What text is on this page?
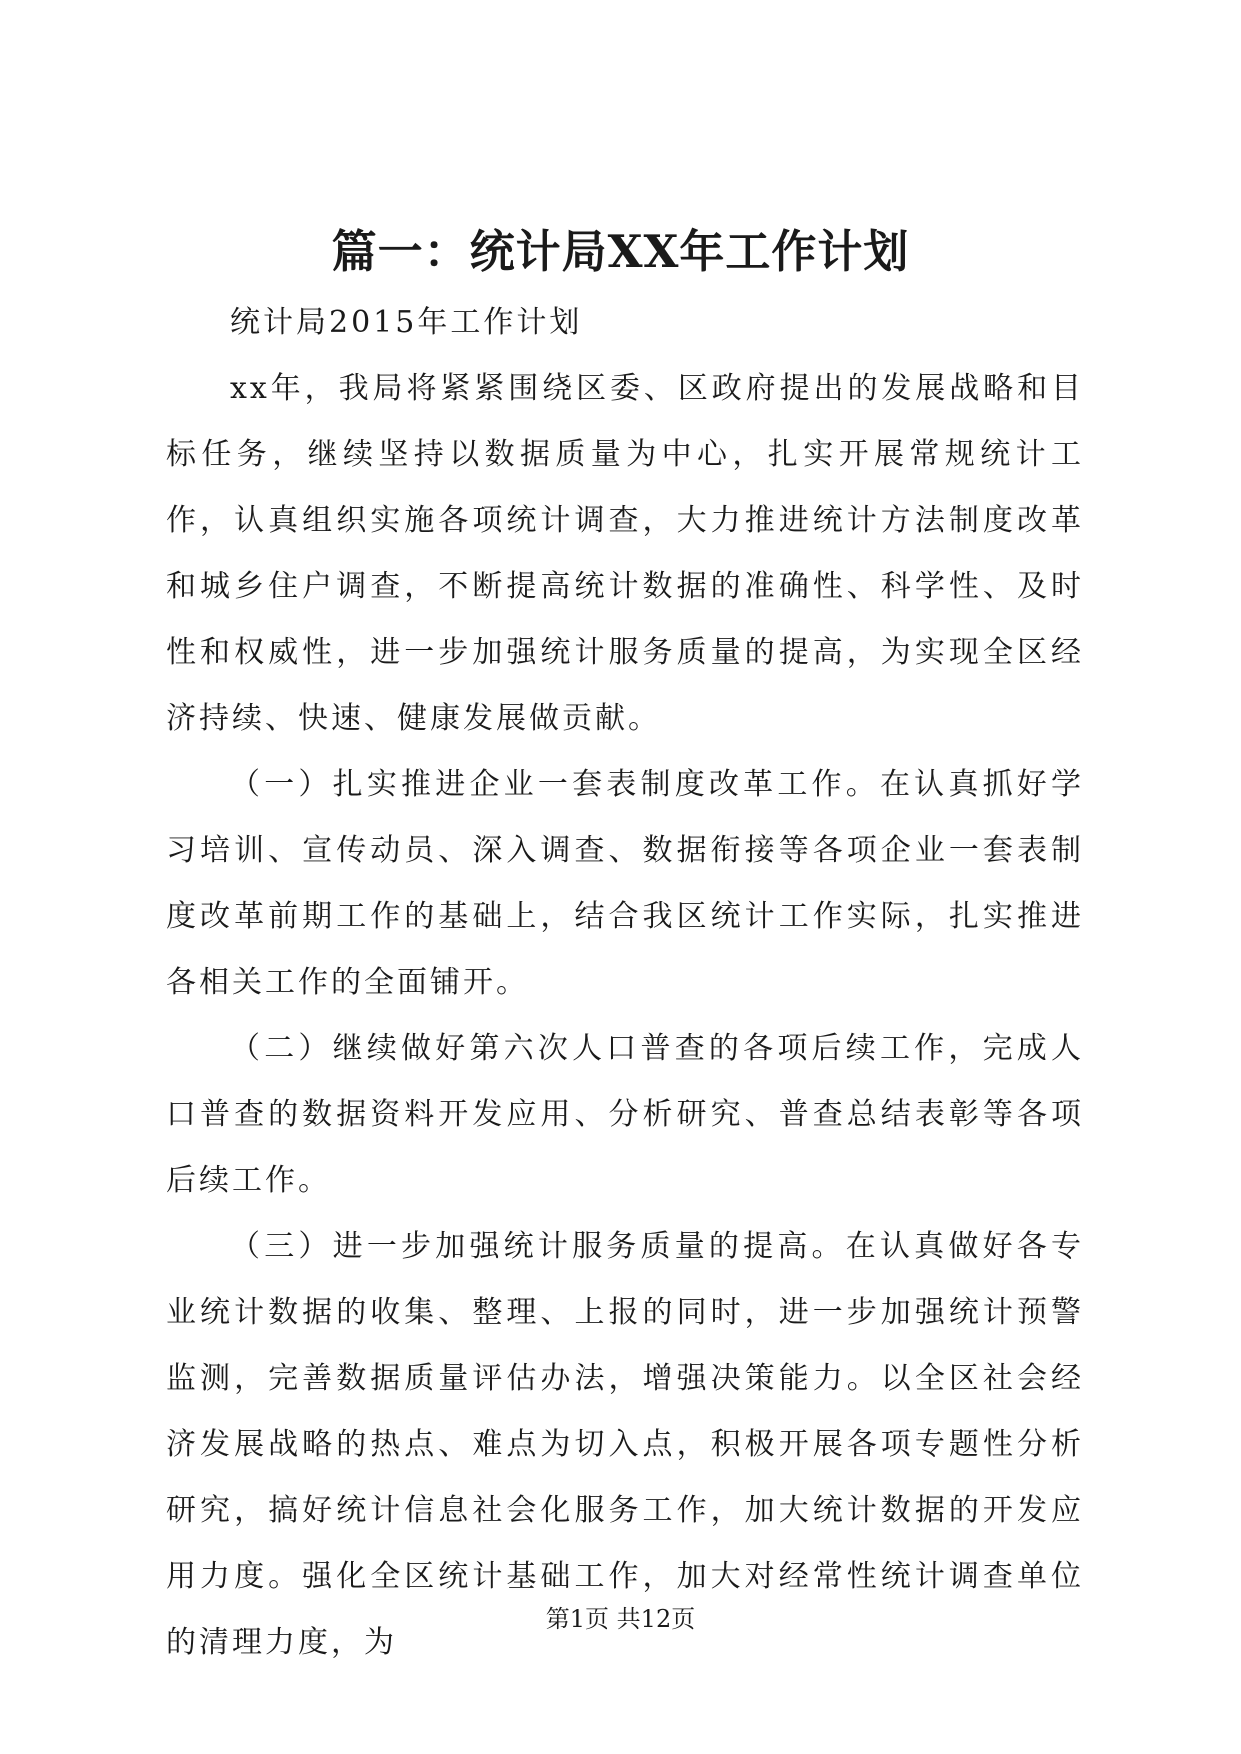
篇一：统计局XX年工作计划

统计局2015年工作计划

xx年，我局将紧紧围绕区委、区政府提出的发展战略和目标任务，继续坚持以数据质量为中心，扎实开展常规统计工作，认真组织实施各项统计调查，大力推进统计方法制度改革和城乡住户调查，不断提高统计数据的准确性、科学性、及时性和权威性，进一步加强统计服务质量的提高，为实现全区经济持续、快速、健康发展做贡献。

（一）扎实推进企业一套表制度改革工作。在认真抓好学习培训、宣传动员、深入调查、数据衔接等各项企业一套表制度改革前期工作的基础上，结合我区统计工作实际，扎实推进各相关工作的全面铺开。

（二）继续做好第六次人口普查的各项后续工作，完成人口普查的数据资料开发应用、分析研究、普查总结表彰等各项后续工作。

（三）进一步加强统计服务质量的提高。在认真做好各专业统计数据的收集、整理、上报的同时，进一步加强统计预警监测，完善数据质量评估办法，增强决策能力。以全区社会经济发展战略的热点、难点为切入点，积极开展各项专题性分析研究，搞好统计信息社会化服务工作，加大统计数据的开发应用力度。强化全区统计基础工作，加大对经常性统计调查单位的清理力度，为

第1页 共12页
